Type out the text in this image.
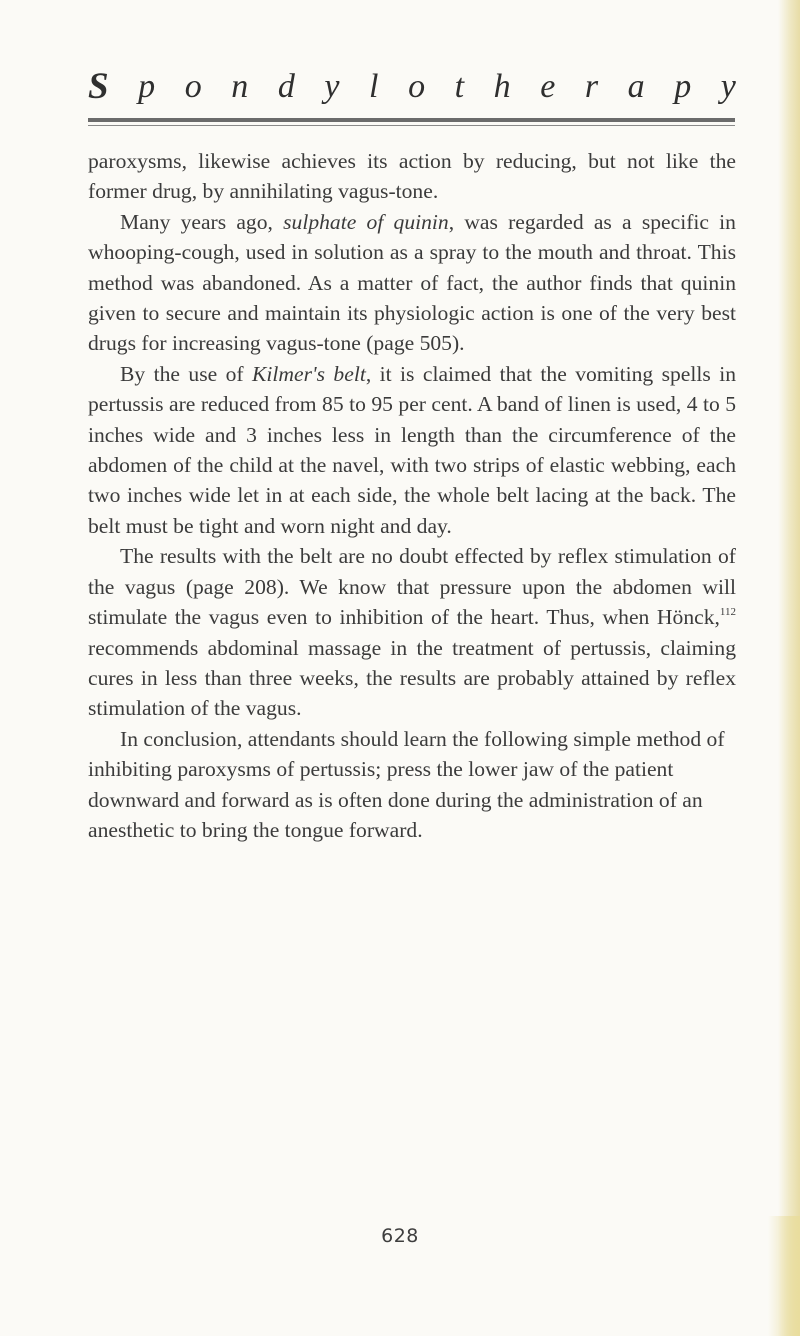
S p o n d y l o t h e r a p y

paroxysms, likewise achieves its action by reducing, but not like the former drug, by annihilating vagus-tone.

Many years ago, sulphate of quinin, was regarded as a specific in whooping-cough, used in solution as a spray to the mouth and throat. This method was abandoned. As a matter of fact, the author finds that quinin given to secure and maintain its physiologic action is one of the very best drugs for increasing vagus-tone (page 505).

By the use of Kilmer's belt, it is claimed that the vomiting spells in pertussis are reduced from 85 to 95 per cent. A band of linen is used, 4 to 5 inches wide and 3 inches less in length than the circumference of the abdomen of the child at the navel, with two strips of elastic webbing, each two inches wide let in at each side, the whole belt lacing at the back. The belt must be tight and worn night and day.

The results with the belt are no doubt effected by reflex stimulation of the vagus (page 208). We know that pressure upon the abdomen will stimulate the vagus even to inhibition of the heart. Thus, when Hönck,$^{112}$ recommends abdominal massage in the treatment of pertussis, claiming cures in less than three weeks, the results are probably attained by reflex stimulation of the vagus.

In conclusion, attendants should learn the following simple method of inhibiting paroxysms of pertussis; press the lower jaw of the patient downward and forward as is often done during the administration of an anesthetic to bring the tongue forward.

628
